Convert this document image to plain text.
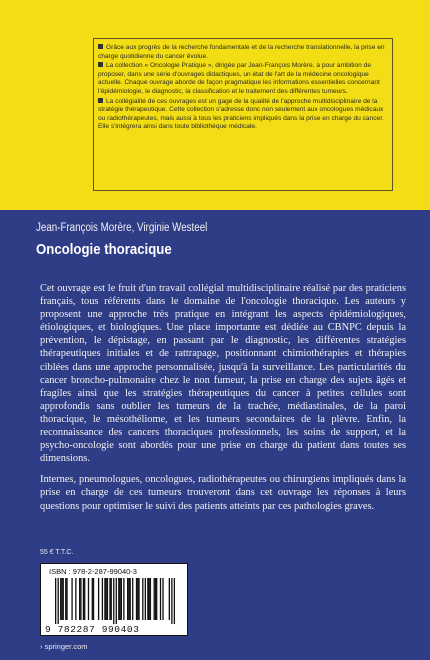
Grâce aux progrès de la recherche fondamentale et de la recherche translationnelle, la prise en charge quotidienne du cancer évolue.

La collection « Oncologie Pratique », dirigée par Jean-François Morère, a pour ambition de proposer, dans une série d'ouvrages didactiques, un état de l'art de la médecine oncologique actuelle. Chaque ouvrage aborde de façon pragmatique les informations essentielles concernant l'épidémiologie, le diagnostic, la classification et le traitement des différentes tumeurs.

La collégialité de ces ouvrages est un gage de la qualité de l'approche multidisciplinaire de la stratégie thérapeutique. Cette collection s'adresse donc non seulement aux oncologues médicaux ou radiothérapeutes, mais aussi à tous les praticiens impliqués dans la prise en charge du cancer. Elle s'intégrera ainsi dans toute bibliothèque médicale.

Jean-François Morère, Virginie Westeel
Oncologie thoracique

Cet ouvrage est le fruit d'un travail collégial multidisciplinaire réalisé par des praticiens français, tous référents dans le domaine de l'oncologie thoracique. Les auteurs y proposent une approche très pratique en intégrant les aspects épidémiologiques, étiologiques, et biologiques. Une place importante est dédiée au CBNPC depuis la prévention, le dépistage, en passant par le diagnostic, les différentes stratégies thérapeutiques initiales et de rattrapage, positionnant chimiothérapies et thérapies ciblées dans une approche personnalisée, jusqu'à la surveillance. Les particularités du cancer broncho-pulmonaire chez le non fumeur, la prise en charge des sujets âgés et fragiles ainsi que les stratégies thérapeutiques du cancer à petites cellules sont approfondis sans oublier les tumeurs de la trachée, médiastinales, de la paroi thoracique, le mésothéliome, et les tumeurs secondaires de la plèvre. Enfin, la reconnaissance des cancers thoraciques professionnels, les soins de support, et la psycho-oncologie sont abordés pour une prise en charge du patient dans toutes ses dimensions.

Internes, pneumologues, oncologues, radiothérapeutes ou chirurgiens impliqués dans la prise en charge de ces tumeurs trouveront dans cet ouvrage les réponses à leurs questions pour optimiser le suivi des patients atteints par ces pathologies graves.

55 € T.T.C.
ISBN : 978-2-287-99040-3
9 782287 990403
› springer.com
